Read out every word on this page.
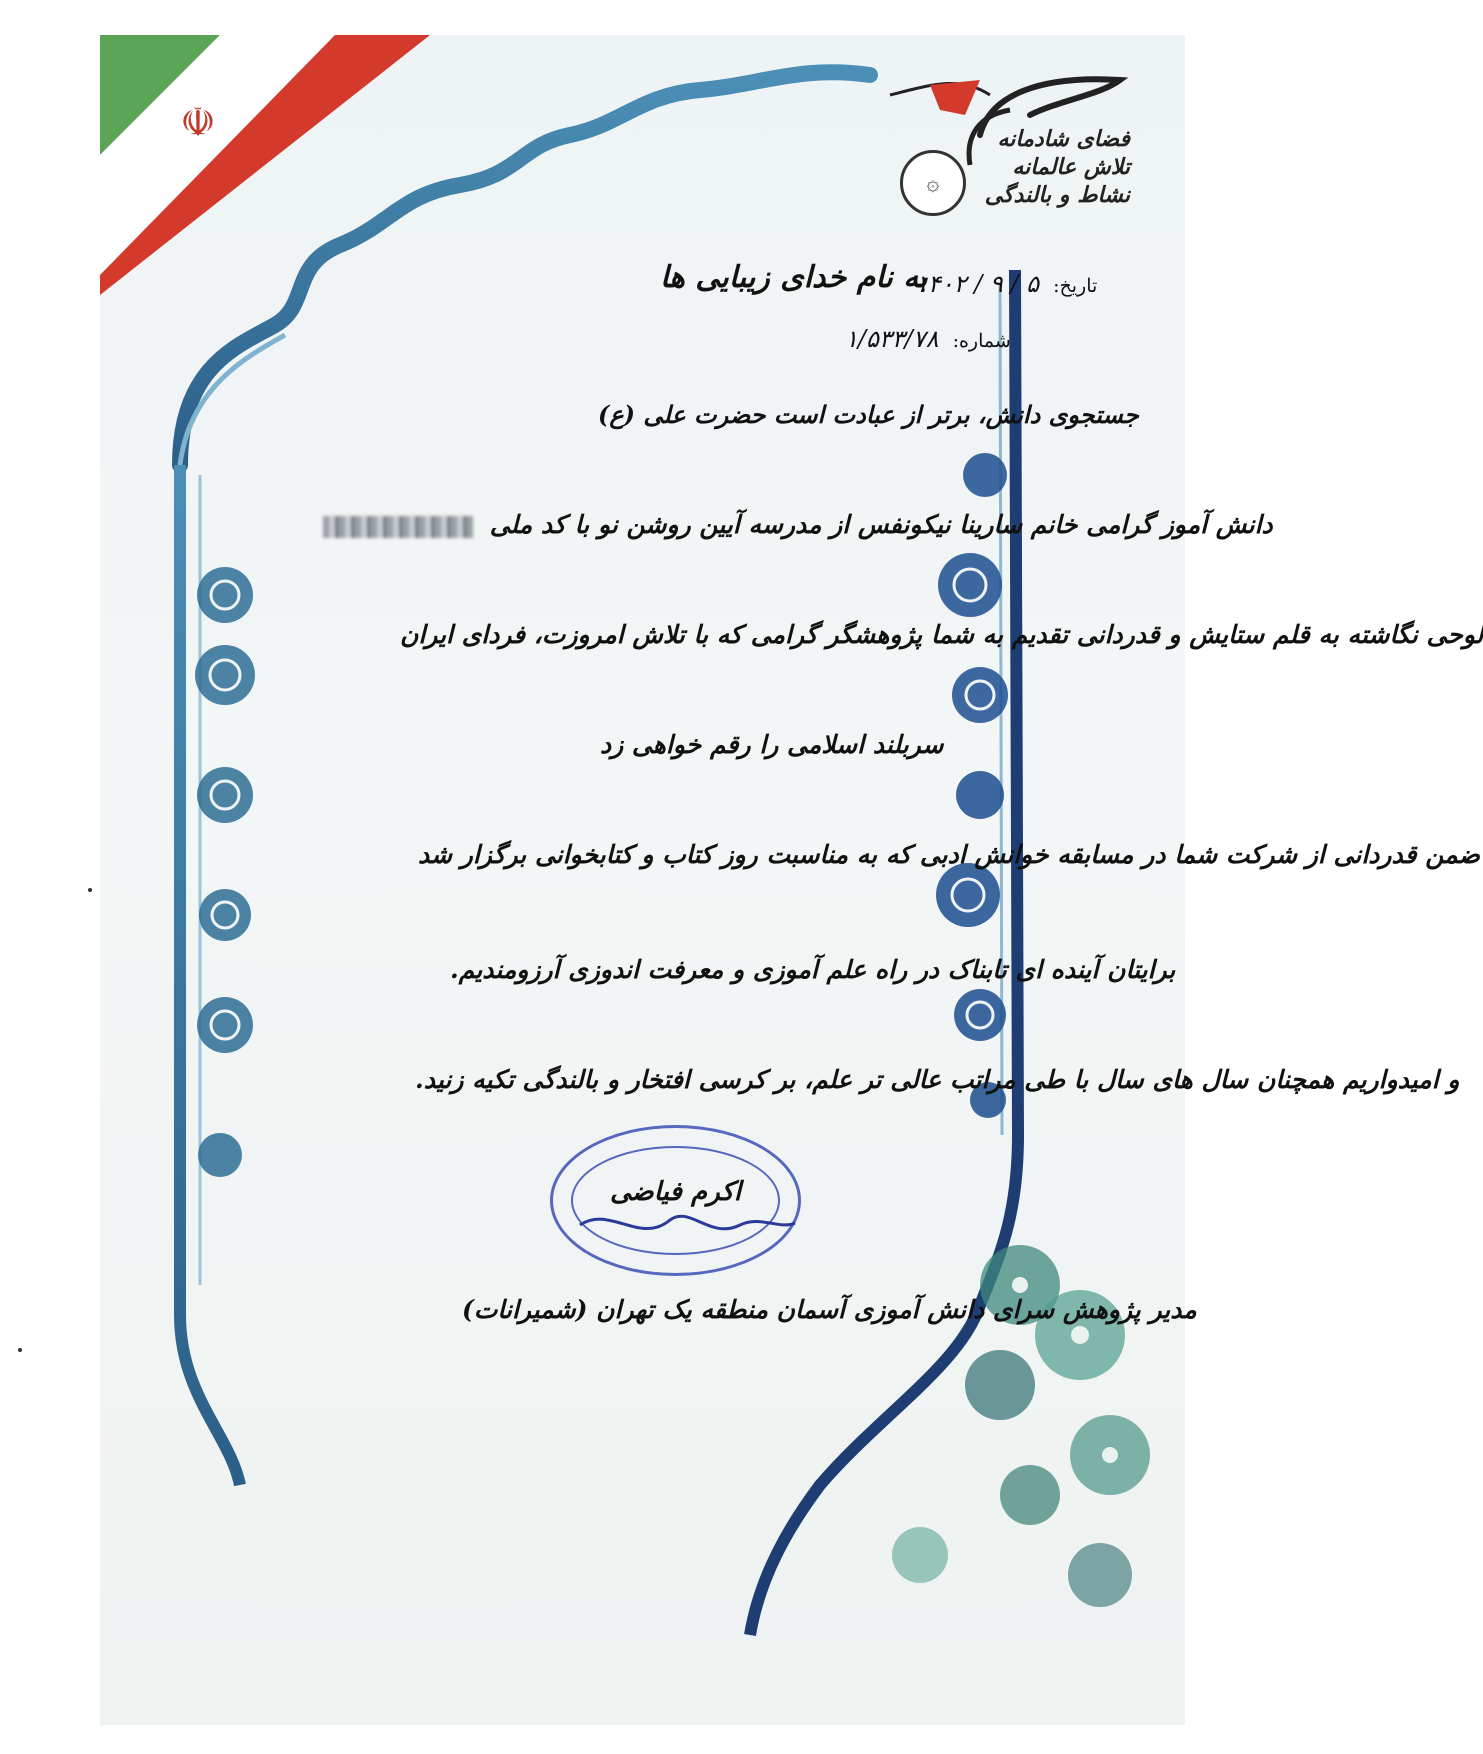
☫
۞
فضای شادمانه
تلاش عالمانه
نشاط و بالندگی
به نام خدای زیبایی ها	تاریخ: ۵ / ۹ / ۱۴۰۲
شماره: ۱/۵۳۳/۷۸
جستجوی دانش، برتر از عبادت است حضرت علی (ع)
دانش آموز گرامی خانم سارینا نیکونفس از مدرسه آیین روشن نو با کد ملی
لوحی نگاشته به قلم ستایش و قدردانی تقدیم به شما پژوهشگر گرامی که با تلاش امروزت، فردای ایران
سربلند اسلامی را رقم خواهی زد
ضمن قدردانی از شرکت شما در مسابقه خوانش ادبی که به مناسبت روز کتاب و کتابخوانی برگزار شد
برایتان آینده ای تابناک در راه علم آموزی و معرفت اندوزی آرزومندیم.
و امیدواریم همچنان سال های سال با طی مراتب عالی تر علم، بر کرسی افتخار و بالندگی تکیه زنید.
اکرم فیاضی
مدیر پژوهش سرای دانش آموزی آسمان منطقه یک تهران (شمیرانات)
